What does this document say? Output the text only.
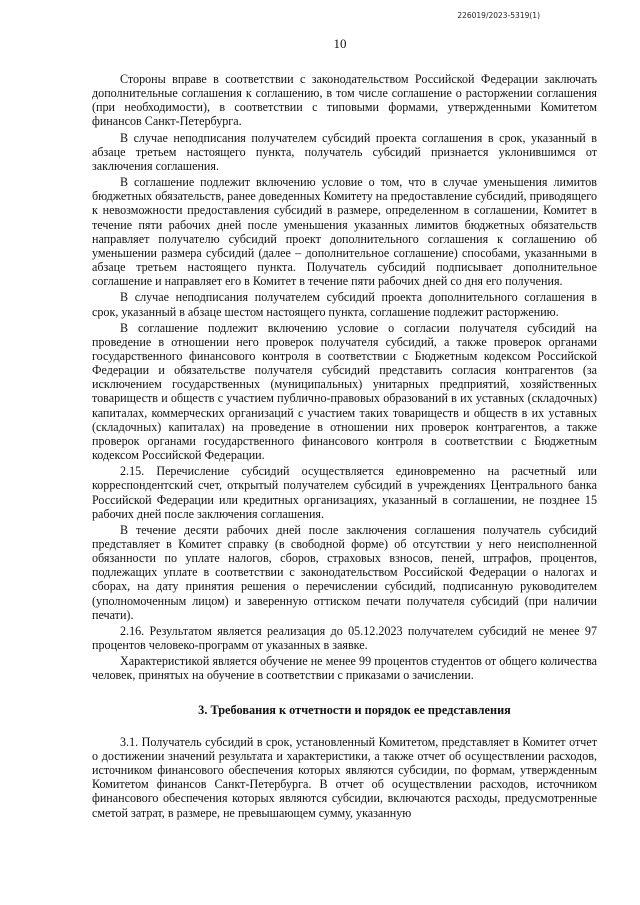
226019/2023-5319(1)
10

Стороны вправе в соответствии с законодательством Российской Федерации заключать дополнительные соглашения к соглашению, в том числе соглашение о расторжении соглашения (при необходимости), в соответствии с типовыми формами, утвержденными Комитетом финансов Санкт-Петербурга.

В случае неподписания получателем субсидий проекта соглашения в срок, указанный в абзаце третьем настоящего пункта, получатель субсидий признается уклонившимся от заключения соглашения.

В соглашение подлежит включению условие о том, что в случае уменьшения лимитов бюджетных обязательств, ранее доведенных Комитету на предоставление субсидий, приводящего к невозможности предоставления субсидий в размере, определенном в соглашении, Комитет в течение пяти рабочих дней после уменьшения указанных лимитов бюджетных обязательств направляет получателю субсидий проект дополнительного соглашения к соглашению об уменьшении размера субсидий (далее – дополнительное соглашение) способами, указанными в абзаце третьем настоящего пункта. Получатель субсидий подписывает дополнительное соглашение и направляет его в Комитет в течение пяти рабочих дней со дня его получения.

В случае неподписания получателем субсидий проекта дополнительного соглашения в срок, указанный в абзаце шестом настоящего пункта, соглашение подлежит расторжению.

В соглашение подлежит включению условие о согласии получателя субсидий на проведение в отношении него проверок получателя субсидий, а также проверок органами государственного финансового контроля в соответствии с Бюджетным кодексом Российской Федерации и обязательстве получателя субсидий представить согласия контрагентов (за исключением государственных (муниципальных) унитарных предприятий, хозяйственных товариществ и обществ с участием публично-правовых образований в их уставных (складочных) капиталах, коммерческих организаций с участием таких товариществ и обществ в их уставных (складочных) капиталах) на проведение в отношении них проверок контрагентов, а также проверок органами государственного финансового контроля в соответствии с Бюджетным кодексом Российской Федерации.

2.15. Перечисление субсидий осуществляется единовременно на расчетный или корреспондентский счет, открытый получателем субсидий в учреждениях Центрального банка Российской Федерации или кредитных организациях, указанный в соглашении, не позднее 15 рабочих дней после заключения соглашения.

В течение десяти рабочих дней после заключения соглашения получатель субсидий представляет в Комитет справку (в свободной форме) об отсутствии у него неисполненной обязанности по уплате налогов, сборов, страховых взносов, пеней, штрафов, процентов, подлежащих уплате в соответствии с законодательством Российской Федерации о налогах и сборах, на дату принятия решения о перечислении субсидий, подписанную руководителем (уполномоченным лицом) и заверенную оттиском печати получателя субсидий (при наличии печати).

2.16. Результатом является реализация до 05.12.2023 получателем субсидий не менее 97 процентов человеко-программ от указанных в заявке.

Характеристикой является обучение не менее 99 процентов студентов от общего количества человек, принятых на обучение в соответствии с приказами о зачислении.

3. Требования к отчетности и порядок ее представления

3.1. Получатель субсидий в срок, установленный Комитетом, представляет в Комитет отчет о достижении значений результата и характеристики, а также отчет об осуществлении расходов, источником финансового обеспечения которых являются субсидии, по формам, утвержденным Комитетом финансов Санкт-Петербурга. В отчет об осуществлении расходов, источником финансового обеспечения которых являются субсидии, включаются расходы, предусмотренные сметой затрат, в размере, не превышающем сумму, указанную
